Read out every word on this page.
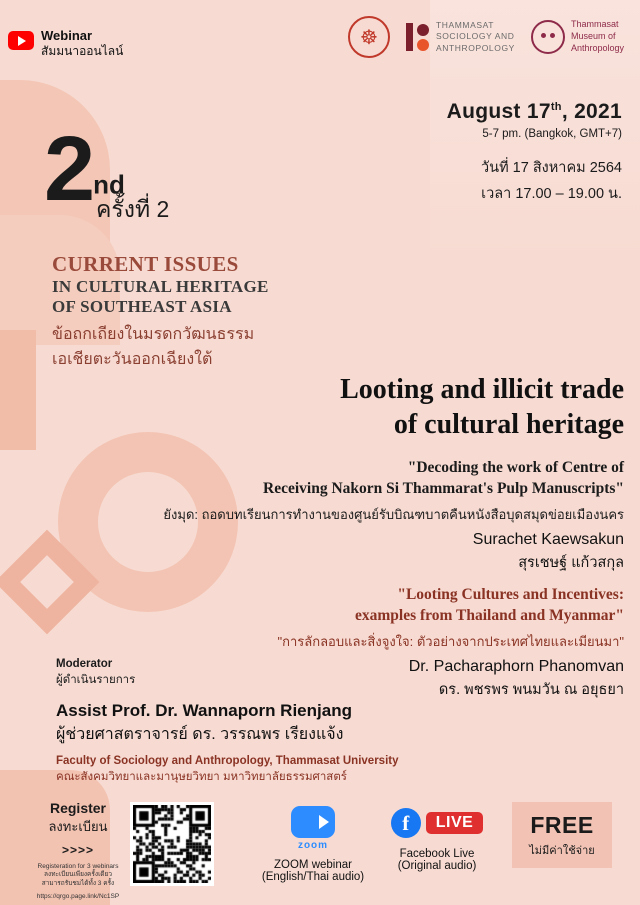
Webinar
สัมมนาออนไลน์
☸
THAMMASAT
SOCIOLOGY AND
ANTHROPOLOGY
Thammasat
Museum of
Anthropology
August 17th, 2021
5-7 pm. (Bangkok, GMT+7)
วันที่ 17 สิงหาคม 2564
เวลา 17.00 – 19.00 น.
2nd
ครั้งที่ 2
CURRENT ISSUES
IN CULTURAL HERITAGE
OF SOUTHEAST ASIA
ข้อถกเถียงในมรดกวัฒนธรรม
เอเชียตะวันออกเฉียงใต้
Looting and illicit trade
of cultural heritage
"Decoding the work of Centre of
Receiving Nakorn Si Thammarat's Pulp Manuscripts"
ยังมุด: ถอดบทเรียนการทำงานของศูนย์รับบิณฑบาตคืนหนังสือบุดสมุดข่อยเมืองนคร
Surachet Kaewsakun
สุรเชษฐ์ แก้วสกุล
"Looting Cultures and Incentives:
examples from Thailand and Myanmar"
"การลักลอบและสิ่งจูงใจ: ตัวอย่างจากประเทศไทยและเมียนมา"
Dr. Pacharaphorn Phanomvan
ดร. พชรพร พนมวัน ณ อยุธยา
Moderator
ผู้ดำเนินรายการ
Assist Prof. Dr. Wannaporn Rienjang
ผู้ช่วยศาสตราจารย์ ดร. วรรณพร เรียงแจ้ง
Faculty of Sociology and Anthropology, Thammasat University
คณะสังคมวิทยาและมานุษยวิทยา มหาวิทยาลัยธรรมศาสตร์
Register
ลงทะเบียน
>>>>
Registeration for 3 webinars
ลงทะเบียนเพียงครั้งเดียว
สามารถรับชมได้ทั้ง 3 ครั้ง
https://qrgo.page.link/Nc1SP
zoom
ZOOM webinar
(English/Thai audio)
f	LIVE
Facebook Live
(Original audio)
FREE
ไม่มีค่าใช้จ่าย
